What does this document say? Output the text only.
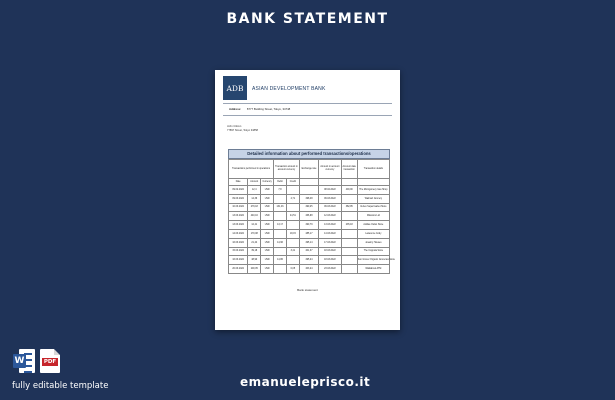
BANK STATEMENT
ADB	ASIAN DEVELOPMENT BANK
Address: 8777 Building Street, Tokyo, 34748
John Citizen
77897 Street, Tokyo 34858
Detailed information about performed transactions/operations
Transactions performed in operations			Transaction amount in account currency		Exchange rate	Amount in account currency	Account date transaction	Transaction details
Date	Amount	Currency	Debit	Credit				
09.02.2022	12,4	USD	7,8			08.02.2022	400,00	The Montgomery Gas Shop
09.03.2022	14,36	USD		4,71	498,48	09.03.2022		Walmart Grocery
10.03.2022	279,18	USD	131,46		490,25	09.03.2022	382,95	Vertex Supermarket Store
13.03.2022	440,16	USD		44,51	466,98	12.03.2022		Missions Ltd
13.03.2022	12,41	USD	13,17		490,79	13.03.2022	235,18	Adidas Outlet Store
14.03.2022	170,08	USD		18,15	485,17	14.03.2022		Lawrence Cody
16.03.2022	21,44	USD	14,96		495,14	17.03.2022		Jewelry Houses
15.03.2022	39,18	USD		3,41	401,37	18.03.2022		The Coppola Store
16.03.2022	48,90	USD	14,86		495,24	18.03.2022		Sun Grocer Organic Groceries Store
20.03.2022	200,05	USD		0,05	403,24	23.03.2022		Walkabout ATM
Bank statement
W	PDF
fully editable template	emanueleprisco.it
